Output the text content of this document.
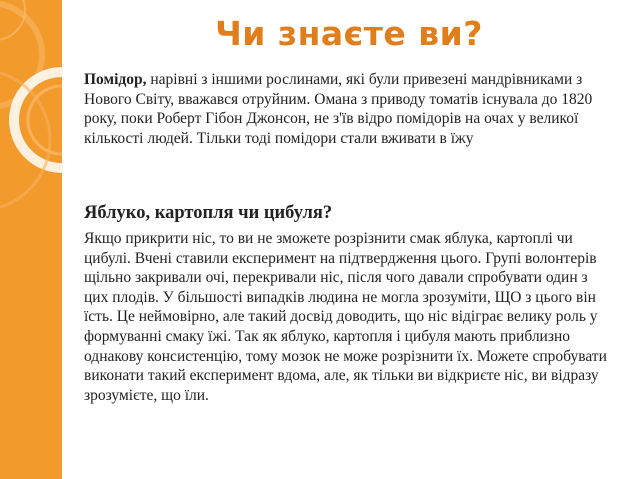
Чи знаєте ви?

Помідор, нарівні з іншими рослинами, які були привезені мандрівниками з Нового Світу, вважався отруйним. Омана з приводу томатів існувала до 1820 року, поки Роберт Гібон Джонсон, не з'їв відро помідорів на очах у великої кількості людей. Тільки тоді помідори стали вживати в їжу

Яблуко, картопля чи цибуля?

Якщо прикрити ніс, то ви не зможете розрізнити смак яблука, картоплі чи цибулі. Вчені ставили експеримент на підтвердження цього. Групі волонтерів щільно закривали очі, перекривали ніс, після чого давали спробувати один з цих плодів. У більшості випадків людина не могла зрозуміти, ЩО з цього він їсть. Це неймовірно, але такий досвід доводить, що ніс відіграє велику роль у формуванні смаку їжі. Так як яблуко, картопля і цибуля мають приблизно однакову консистенцію, тому мозок не може розрізнити їх. Можете спробувати виконати такий експеримент вдома, але, як тільки ви відкриєте ніс, ви відразу зрозумієте, що їли.
